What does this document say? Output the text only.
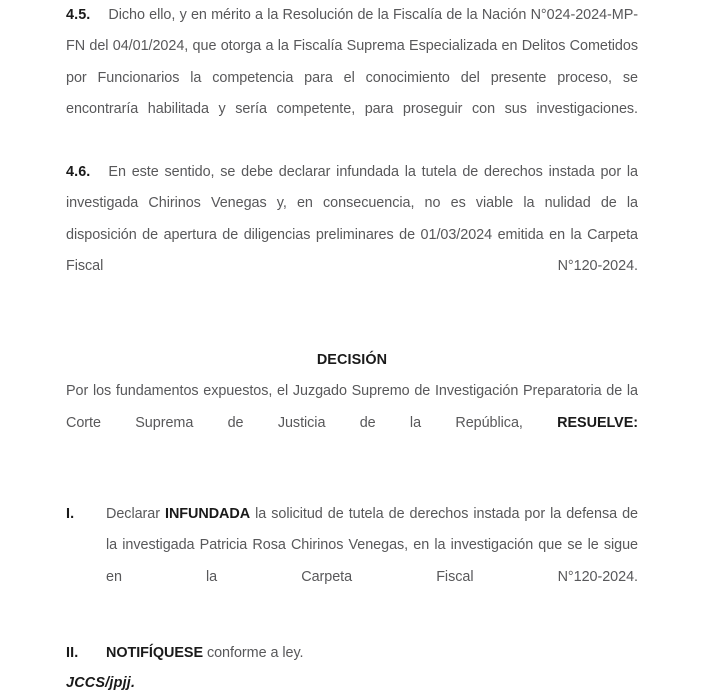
4.5. Dicho ello, y en mérito a la Resolución de la Fiscalía de la Nación N°024-2024-MP-FN del 04/01/2024, que otorga a la Fiscalía Suprema Especializada en Delitos Cometidos por Funcionarios la competencia para el conocimiento del presente proceso, se encontraría habilitada y sería competente, para proseguir con sus investigaciones.

4.6. En este sentido, se debe declarar infundada la tutela de derechos instada por la investigada Chirinos Venegas y, en consecuencia, no es viable la nulidad de la disposición de apertura de diligencias preliminares de 01/03/2024 emitida en la Carpeta Fiscal N°120-2024.

DECISIÓN

Por los fundamentos expuestos, el Juzgado Supremo de Investigación Preparatoria de la Corte Suprema de Justicia de la República, RESUELVE:

I. Declarar INFUNDADA la solicitud de tutela de derechos instada por la defensa de la investigada Patricia Rosa Chirinos Venegas, en la investigación que se le sigue en la Carpeta Fiscal N°120-2024.

II. NOTIFÍQUESE conforme a ley.

JCCS/jpjj.
